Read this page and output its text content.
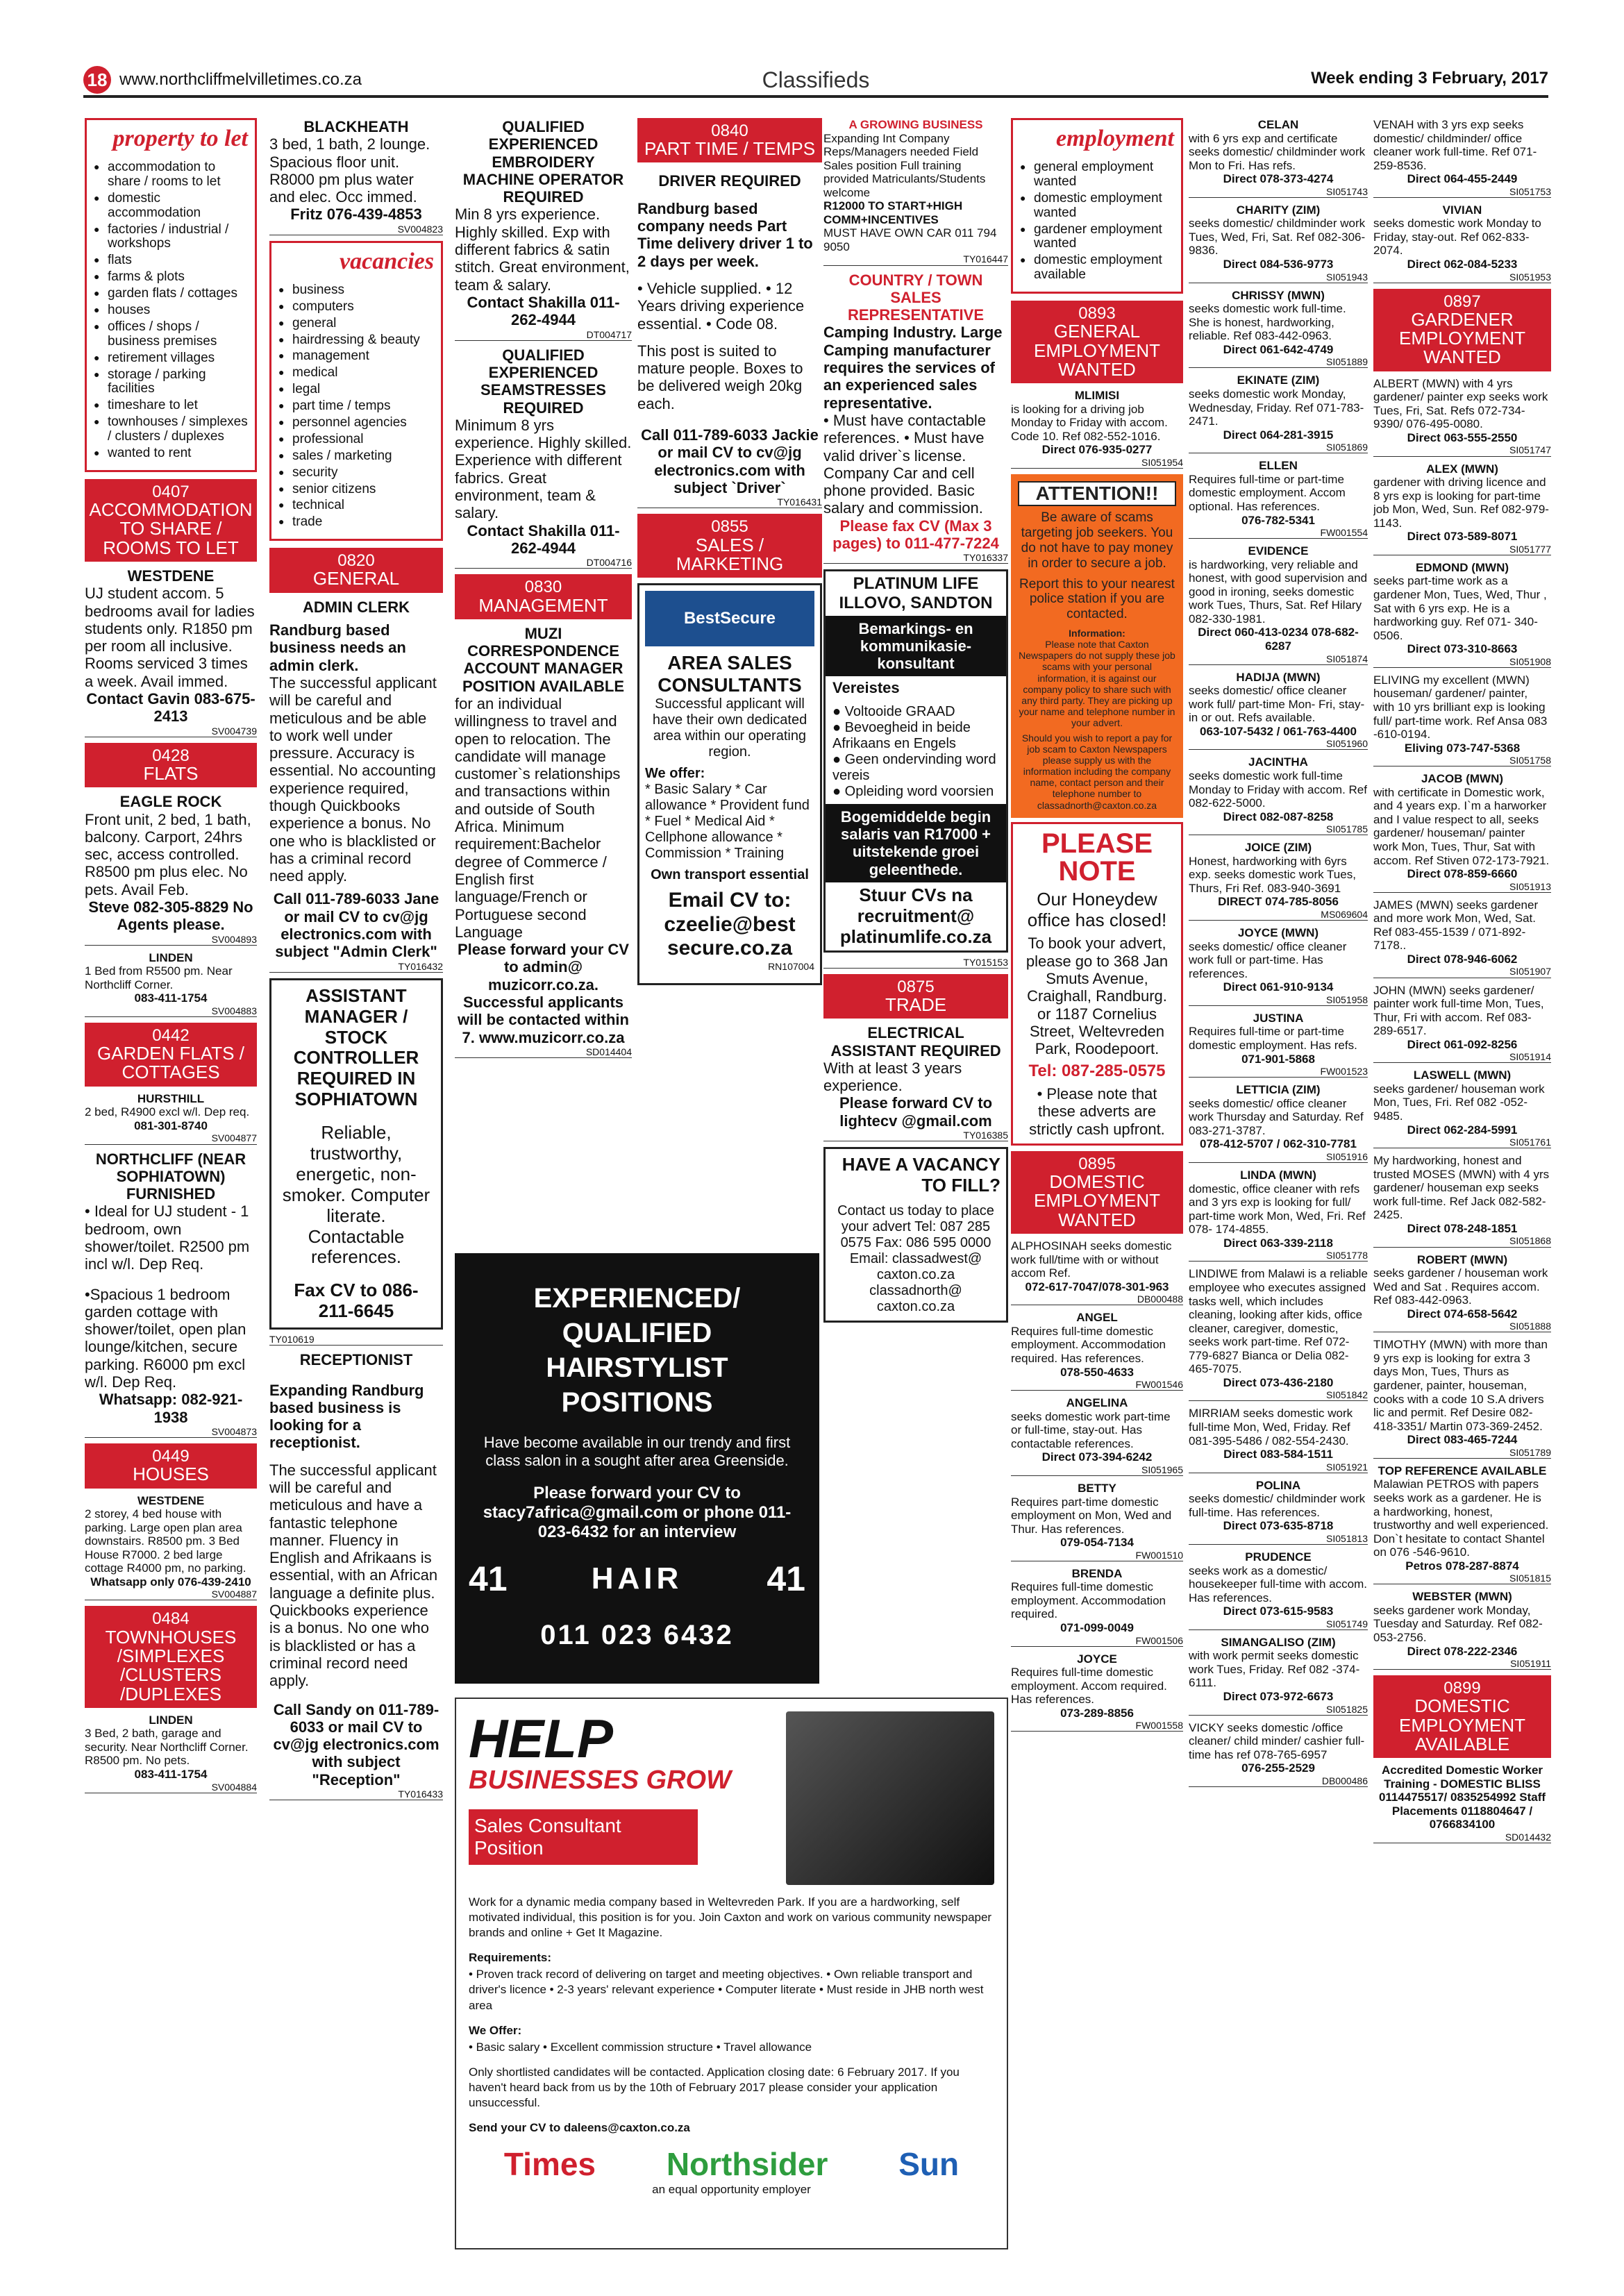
18 www.northcliffmelvilletimes.co.za	Classifieds	Week ending 3 February, 2017
property to let
● accommodation to share / rooms to let
● domestic accommodation
● factories / industrial / workshops
● flats
● farms & plots
● garden flats / cottages
● houses
● offices / shops / business premises
● retirement villages
● storage / parking facilities
● timeshare to let
● townhouses / simplexes / clusters / duplexes
● wanted to rent
0407
ACCOMMODATION TO SHARE / ROOMS TO LET
WESTDENE
UJ student accom. 5 bedrooms avail for ladies students only. R1850 pm per room all inclusive. Rooms serviced 3 times a week. Avail immed.
Contact Gavin 083-675-2413
SV004739
0428
FLATS
EAGLE ROCK
Front unit, 2 bed, 1 bath, balcony. Carport, 24hrs sec, access controlled. R8500 pm plus elec. No pets. Avail Feb.
Steve 082-305-8829 No Agents please.
SV004893
LINDEN
1 Bed from R5500 pm. Near Northcliff Corner.
083-411-1754
SV004883
0442
GARDEN FLATS / COTTAGES
HURSTHILL
2 bed, R4900 excl w/l. Dep req.
081-301-8740
SV004877
NORTHCLIFF (NEAR SOPHIATOWN) FURNISHED
• Ideal for UJ student - 1 bedroom, own shower/toilet. R2500 pm incl w/l. Dep Req.
•Spacious 1 bedroom garden cottage with shower/toilet, open plan lounge/kitchen, secure parking. R6000 pm excl w/l. Dep Req.
Whatsapp: 082-921-1938
SV004873
0449
HOUSES
WESTDENE
2 storey, 4 bed house with parking. Large open plan area downstairs. R8500 pm. 3 Bed House R7000. 2 bed large cottage R4000 pm, no parking.
Whatsapp only 076-439-2410
SV004887
0484
TOWNHOUSES /SIMPLEXES /CLUSTERS /DUPLEXES
LINDEN
3 Bed, 2 bath, garage and security. Near Northcliff Corner. R8500 pm. No pets.
083-411-1754
SV004884
BLACKHEATH
3 bed, 1 bath, 2 lounge. Spacious floor unit. R8000 pm plus water and elec. Occ immed.
Fritz 076-439-4853
SV004823
vacancies
● business
● computers
● general
● hairdressing & beauty
● management
● medical
● legal
● part time / temps
● personnel agencies
● professional
● sales / marketing
● security
● senior citizens
● technical
● trade
0820
GENERAL
ADMIN CLERK
Randburg based business needs an admin clerk.
The successful applicant will be careful and meticulous and be able to work well under pressure. Accuracy is essential. No accounting experience required, though Quickbooks experience a bonus. No one who is blacklisted or has a criminal record need apply.
Call 011-789-6033 Jane or mail CV to cv@jg electronics.com with subject "Admin Clerk"
TY016432
ASSISTANT MANAGER / STOCK CONTROLLER REQUIRED IN SOPHIATOWN
Reliable, trustworthy, energetic, non-smoker. Computer literate. Contactable references.
Fax CV to 086-211-6645
TY010619
RECEPTIONIST
Expanding Randburg based business is looking for a receptionist.
The successful applicant will be careful and meticulous and have a fantastic telephone manner. Fluency in English and Afrikaans is essential, with an African language a definite plus. Quickbooks experience is a bonus. No one who is blacklisted or has a criminal record need apply.
Call Sandy on 011-789-6033 or mail CV to cv@jg electronics.com with subject "Reception"
TY016433
QUALIFIED EXPERIENCED EMBROIDERY MACHINE OPERATOR REQUIRED
Min 8 yrs experience. Highly skilled. Exp with different fabrics & satin stitch. Great environment, team & salary.
Contact Shakilla 011-262-4944
DT004717
QUALIFIED EXPERIENCED SEAMSTRESSES REQUIRED
Minimum 8 yrs experience. Highly skilled. Experience with different fabrics. Great environment, team & salary.
Contact Shakilla 011-262-4944
DT004716
0830
MANAGEMENT
MUZI CORRESPONDENCE ACCOUNT MANAGER POSITION AVAILABLE
for an individual willingness to travel and open to relocation. The candidate will manage customer`s relationships and transactions within and outside of South Africa. Minimum requirement:Bachelor degree of Commerce / English first language/French or Portuguese second Language
Please forward your CV to admin@ muzicorr.co.za. Successful applicants will be contacted within 7. www.muzicorr.co.za
SD014404
EXPERIENCED/ QUALIFIED HAIRSTYLIST POSITIONS

Have become available in our trendy and first class salon in a sought after area Greenside.

Please forward your CV to stacy7africa@gmail.com or phone 011-023-6432 for an interview

41	HAIR 41
011 023 6432
HELP
BUSINESSES GROW
Sales Consultant Position

Work for a dynamic media company based in Weltevreden Park. If you are a hardworking, self motivated individual, this position is for you. Join Caxton and work on various community newspaper brands and online + Get It Magazine.

Requirements:

• Proven track record of delivering on target and meeting objectives. • Own reliable transport and driver's licence • 2-3 years' relevant experience • Computer literate • Must reside in JHB north west area

We Offer:

• Basic salary • Excellent commission structure • Travel allowance

Only shortlisted candidates will be contacted. Application closing date: 6 February 2017. If you haven't heard back from us by the 10th of February 2017 please consider your application unsuccessful.

Send your CV to daleens@caxton.co.za

Times Northsider Sun
an equal opportunity employer
0840
PART TIME / TEMPS
DRIVER REQUIRED
Randburg based company needs Part Time delivery driver 1 to 2 days per week.
• Vehicle supplied. • 12 Years driving experience essential. • Code 08.
This post is suited to mature people. Boxes to be delivered weigh 20kg each.
Call 011-789-6033 Jackie or mail CV to cv@jg electronics.com with subject `Driver`
TY016431
0855
SALES / MARKETING
BestSecure
AREA SALES CONSULTANTS
Successful applicant will have their own dedicated area within our operating region.
We offer:
* Basic Salary * Car allowance * Provident fund * Fuel * Medical Aid * Cellphone allowance * Commission * Training
Own transport essential
Email CV to: czeelie@best secure.co.za
RN107004
A GROWING BUSINESS
Expanding Int Company Reps/Managers needed Field Sales position Full training provided Matriculants/Students welcome
R12000 TO START+HIGH COMM+INCENTIVES
MUST HAVE OWN CAR 011 794 9050
TY016447
COUNTRY / TOWN SALES REPRESENTATIVE
Camping Industry. Large Camping manufacturer requires the services of an experienced sales representative.
• Must have contactable references. • Must have valid driver`s license. Company Car and cell phone provided. Basic salary and commission.
Please fax CV (Max 3 pages) to 011-477-7224
TY016337
PLATINUM LIFE ILLOVO, SANDTON
Bemarkings- en kommunikasie-konsultant
Vereistes
● Voltooide GRAAD
● Bevoegheid in beide Afrikaans en Engels
● Geen ondervinding word vereis
● Opleiding word voorsien
Bogemiddelde begin salaris van R17000 + uitstekende groei geleenthede.
Stuur CVs na recruitment@ platinumlife.co.za
TY015153
0875
TRADE
ELECTRICAL ASSISTANT REQUIRED
With at least 3 years experience.
Please forward CV to lightecv @gmail.com
TY016385
HAVE A VACANCY TO FILL?
Contact us today to place your advert Tel: 087 285 0575 Fax: 086 595 0000 Email: classadwest@ caxton.co.za classadnorth@ caxton.co.za
employment
● general employment wanted
● domestic employment wanted
● gardener employment wanted
● domestic employment available
0893
GENERAL EMPLOYMENT WANTED
MLIMISI
is looking for a driving job Monday to Friday with accom. Code 10. Ref 082-552-1016.
Direct 076-935-0277
SI051954
ATTENTION!!
Be aware of scams targeting job seekers. You do not have to pay money in order to secure a job.
Report this to your nearest police station if you are contacted.
Information:
Please note that Caxton Newspapers do not supply these job scams with your personal information, it is against our company policy to share such with any third party. They are picking up your name and telephone number in your advert.
Should you wish to report a pay for job scam to Caxton Newspapers please supply us with the information including the company name, contact person and their telephone number to classadnorth@caxton.co.za
PLEASE NOTE
Our Honeydew office has closed!
To book your advert, please go to 368 Jan Smuts Avenue, Craighall, Randburg. or 1187 Cornelius Street, Weltevreden Park, Roodepoort.
Tel: 087-285-0575
• Please note that these adverts are strictly cash upfront.
0895
DOMESTIC EMPLOYMENT WANTED
ALPHOSINAH seeks domestic work full/time with or without accom Ref.
072-617-7047/078-301-963
DB000488
ANGEL
Requires full-time domestic employment. Accommodation required. Has references.
078-550-4633
FW001546
ANGELINA
seeks domestic work part-time or full-time, stay-out. Has contactable references.
Direct 073-394-6242
SI051965
BETTY
Requires part-time domestic employment on Mon, Wed and Thur. Has references.
079-054-7134
FW001510
BRENDA
Requires full-time domestic employment. Accommodation required.
071-099-0049
FW001506
JOYCE
Requires full-time domestic employment. Accom required. Has references.
073-289-8856
FW001558
CELAN
with 6 yrs exp and certificate seeks domestic/ childminder work Mon to Fri. Has refs.
Direct 078-373-4274
SI051743
CHARITY (ZIM)
seeks domestic/ childminder work Tues, Wed, Fri, Sat. Ref 082-306-9836.
Direct 084-536-9773
SI051943
CHRISSY (MWN)
seeks domestic work full-time. She is honest, hardworking, reliable. Ref 083-442-0963.
Direct 061-642-4749
SI051889
EKINATE (ZIM)
seeks domestic work Monday, Wednesday, Friday. Ref 071-783-2471.
Direct 064-281-3915
SI051869
ELLEN
Requires full-time or part-time domestic employment. Accom optional. Has references.
076-782-5341
FW001554
EVIDENCE
is hardworking, very reliable and honest, with good supervision and good in ironing, seeks domestic work Tues, Thurs, Sat. Ref Hilary 082-330-1981.
Direct 060-413-0234 078-682-6287
SI051874
HADIJA (MWN)
seeks domestic/ office cleaner work full/ part-time Mon- Fri, stay-in or out. Refs available.
063-107-5432 / 061-763-4400
SI051960
JACINTHA
seeks domestic work full-time Monday to Friday with accom. Ref 082-622-5000.
Direct 082-087-8258
SI051785
JOICE (ZIM)
Honest, hardworking with 6yrs exp. seeks domestic work Tues, Thurs, Fri Ref. 083-940-3691
DIRECT 074-785-8056
MS069604
JOYCE (MWN)
seeks domestic/ office cleaner work full or part-time. Has references.
Direct 061-910-9134
SI051958
JUSTINA
Requires full-time or part-time domestic employment. Has refs.
071-901-5868
FW001523
LETTICIA (ZIM)
seeks domestic/ office cleaner work Thursday and Saturday. Ref 083-271-3787.
078-412-5707 / 062-310-7781
SI051916
LINDA (MWN)
domestic, office cleaner with refs and 3 yrs exp is looking for full/ part-time work Mon, Wed, Fri. Ref 078- 174-4855.
Direct 063-339-2118
SI051778
LINDIWE from Malawi is a reliable employee who executes assigned tasks well, which includes cleaning, looking after kids, office cleaner, caregiver, domestic, seeks work part-time. Ref 072-779-6827 Bianca or Delia 082-465-7075.
Direct 073-436-2180
SI051842
MIRRIAM seeks domestic work full-time Mon, Wed, Friday. Ref 081-395-5486 / 082-554-2430.
Direct 083-584-1511
SI051921
POLINA
seeks domestic/ childminder work full-time. Has references.
Direct 073-635-8718
SI051813
PRUDENCE
seeks work as a domestic/ housekeeper full-time with accom. Has references.
Direct 073-615-9583
SI051749
SIMANGALISO (ZIM)
with work permit seeks domestic work Tues, Friday. Ref 082 -374-6111.
Direct 073-972-6673
SI051825
VICKY seeks domestic /office cleaner/ child minder/ cashier full-time has ref 078-765-6957
076-255-2529
DB000486
VENAH with 3 yrs exp seeks domestic/ childminder/ office cleaner work full-time. Ref 071-259-8536.
Direct 064-455-2449
SI051753
VIVIAN
seeks domestic work Monday to Friday, stay-out. Ref 062-833-2074.
Direct 062-084-5233
SI051953
0897
GARDENER EMPLOYMENT WANTED
ALBERT (MWN) with 4 yrs gardener/ painter exp seeks work Tues, Fri, Sat. Refs 072-734-9390/ 076-495-0080.
Direct 063-555-2550
SI051747
ALEX (MWN)
gardener with driving licence and 8 yrs exp is looking for part-time job Mon, Wed, Sun. Ref 082-979-1143.
Direct 073-589-8071
SI051777
EDMOND (MWN)
seeks part-time work as a gardener Mon, Tues, Wed, Thur , Sat with 6 yrs exp. He is a hardworking guy. Ref 071- 340-0506.
Direct 073-310-8663
SI051908
ELIVING my excellent (MWN) houseman/ gardener/ painter, with 10 yrs brilliant exp is looking full/ part-time work. Ref Ansa 083 -610-0194.
Eliving 073-747-5368
SI051758
JACOB (MWN)
with certificate in Domestic work, and 4 years exp. I`m a harworker and I value respect to all, seeks gardener/ houseman/ painter work Mon, Tues, Thur, Sat with accom. Ref Stiven 072-173-7921.
Direct 078-859-6660
SI051913
JAMES (MWN) seeks gardener and more work Mon, Wed, Sat. Ref 083-455-1539 / 071-892-7178..
Direct 078-946-6062
SI051907
JOHN (MWN) seeks gardener/ painter work full-time Mon, Tues, Thur, Fri with accom. Ref 083-289-6517.
Direct 061-092-8256
SI051914
LASWELL (MWN)
seeks gardener/ houseman work Mon, Tues, Fri. Ref 082 -052-9485.
Direct 062-284-5991
SI051761
My hardworking, honest and trusted MOSES (MWN) with 4 yrs gardener/ houseman exp seeks work full-time. Ref Jack 082-582-2425.
Direct 078-248-1851
SI051868
ROBERT (MWN)
seeks gardener / houseman work Wed and Sat . Requires accom. Ref 083-442-0963.
Direct 074-658-5642
SI051888
TIMOTHY (MWN) with more than 9 yrs exp is looking for extra 3 days Mon, Tues, Thurs as gardener, painter, houseman, cooks with a code 10 S.A drivers lic and permit. Ref Desire 082-418-3351/ Martin 073-369-2452.
Direct 083-465-7244
SI051789
TOP REFERENCE AVAILABLE
Malawian PETROS with papers seeks work as a gardener. He is a hardworking, honest, trustworthy and well experienced. Don`t hesitate to contact Shantel on 076 -546-9610.
Petros 078-287-8874
SI051815
WEBSTER (MWN)
seeks gardener work Monday, Tuesday and Saturday. Ref 082-053-2756.
Direct 078-222-2346
SI051911
0899
DOMESTIC EMPLOYMENT AVAILABLE
Accredited Domestic Worker Training - DOMESTIC BLISS
0114475517/ 0835254992 Staff Placements 0118804647 / 0766834100
SD014432
